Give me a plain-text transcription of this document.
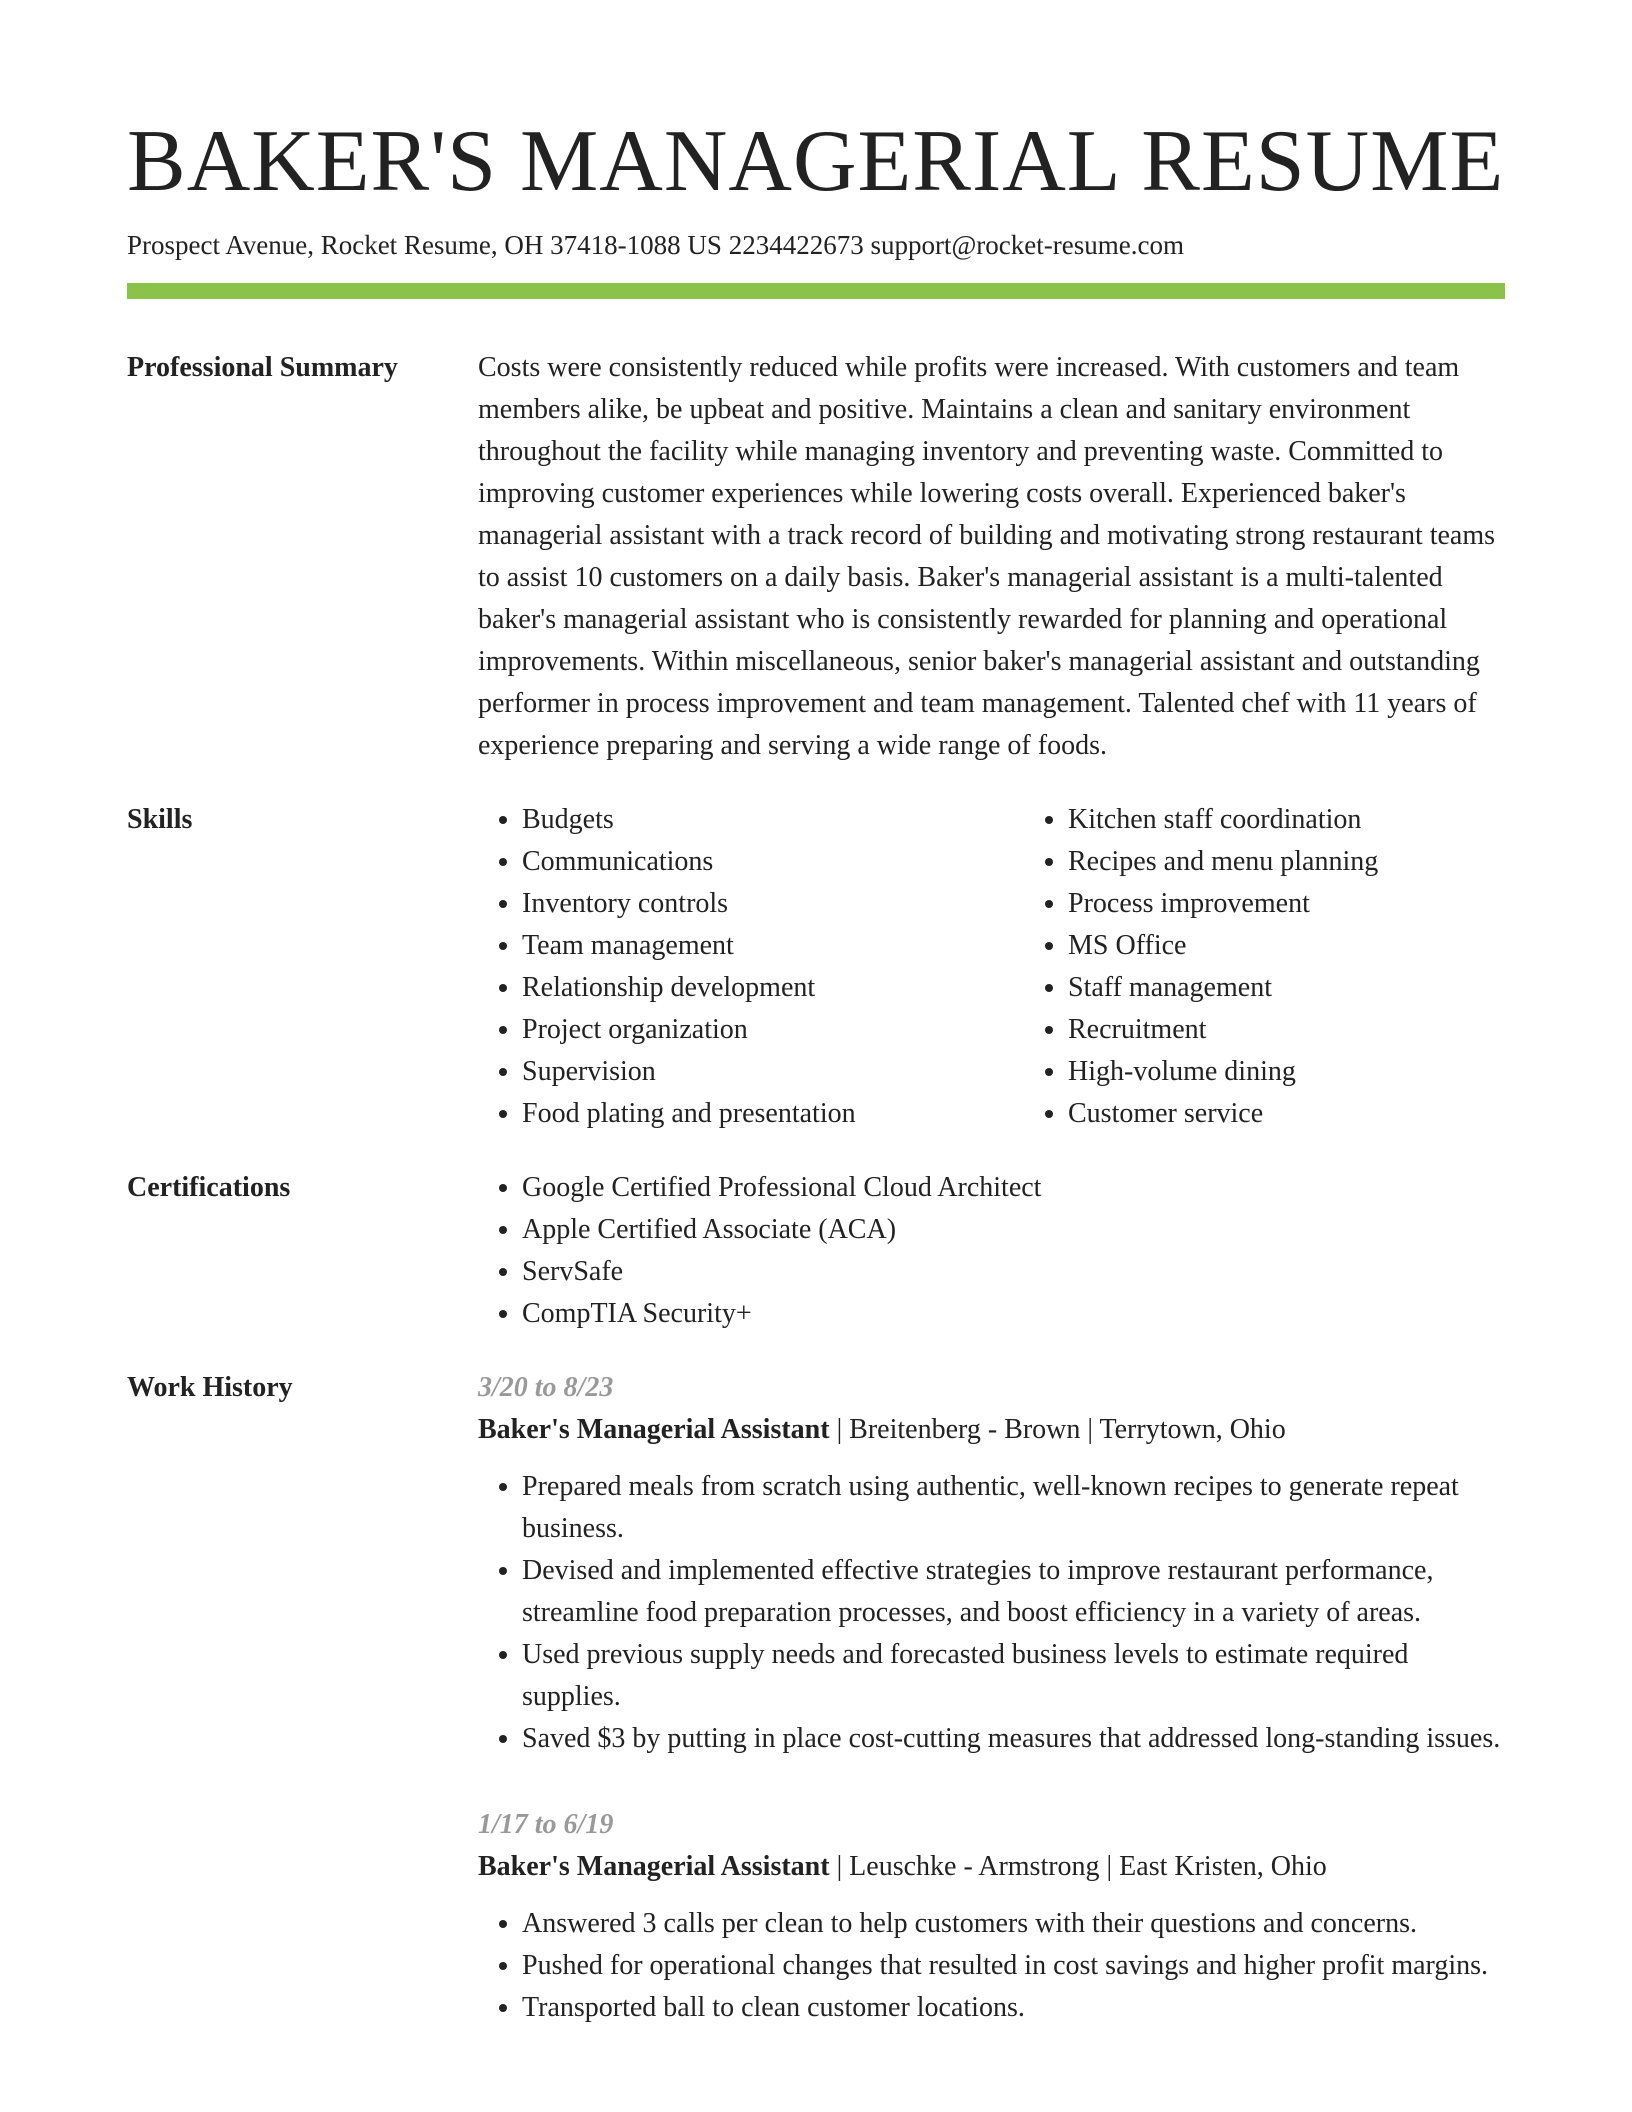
BAKER'S MANAGERIAL RESUME
Prospect Avenue, Rocket Resume, OH 37418-1088 US 2234422673 support@rocket-resume.com
Professional Summary	Costs were consistently reduced while profits were increased. With customers and team members alike, be upbeat and positive. Maintains a clean and sanitary environment throughout the facility while managing inventory and preventing waste. Committed to improving customer experiences while lowering costs overall. Experienced baker's managerial assistant with a track record of building and motivating strong restaurant teams to assist 10 customers on a daily basis. Baker's managerial assistant is a multi-talented baker's managerial assistant who is consistently rewarded for planning and operational improvements. Within miscellaneous, senior baker's managerial assistant and outstanding performer in process improvement and team management. Talented chef with 11 years of experience preparing and serving a wide range of foods.
Skills	• Budgets
• Communications
• Inventory controls
• Team management
• Relationship development
• Project organization
• Supervision
• Food plating and presentation
• Kitchen staff coordination
• Recipes and menu planning
• Process improvement
• MS Office
• Staff management
• Recruitment
• High-volume dining
• Customer service
Certifications	• Google Certified Professional Cloud Architect
• Apple Certified Associate (ACA)
• ServSafe
• CompTIA Security+
Work History	3/20 to 8/23
Baker's Managerial Assistant | Breitenberg - Brown | Terrytown, Ohio
• Prepared meals from scratch using authentic, well-known recipes to generate repeat business.
• Devised and implemented effective strategies to improve restaurant performance, streamline food preparation processes, and boost efficiency in a variety of areas.
• Used previous supply needs and forecasted business levels to estimate required supplies.
• Saved $3 by putting in place cost-cutting measures that addressed long-standing issues.
1/17 to 6/19
Baker's Managerial Assistant | Leuschke - Armstrong | East Kristen, Ohio
• Answered 3 calls per clean to help customers with their questions and concerns.
• Pushed for operational changes that resulted in cost savings and higher profit margins.
• Transported ball to clean customer locations.
